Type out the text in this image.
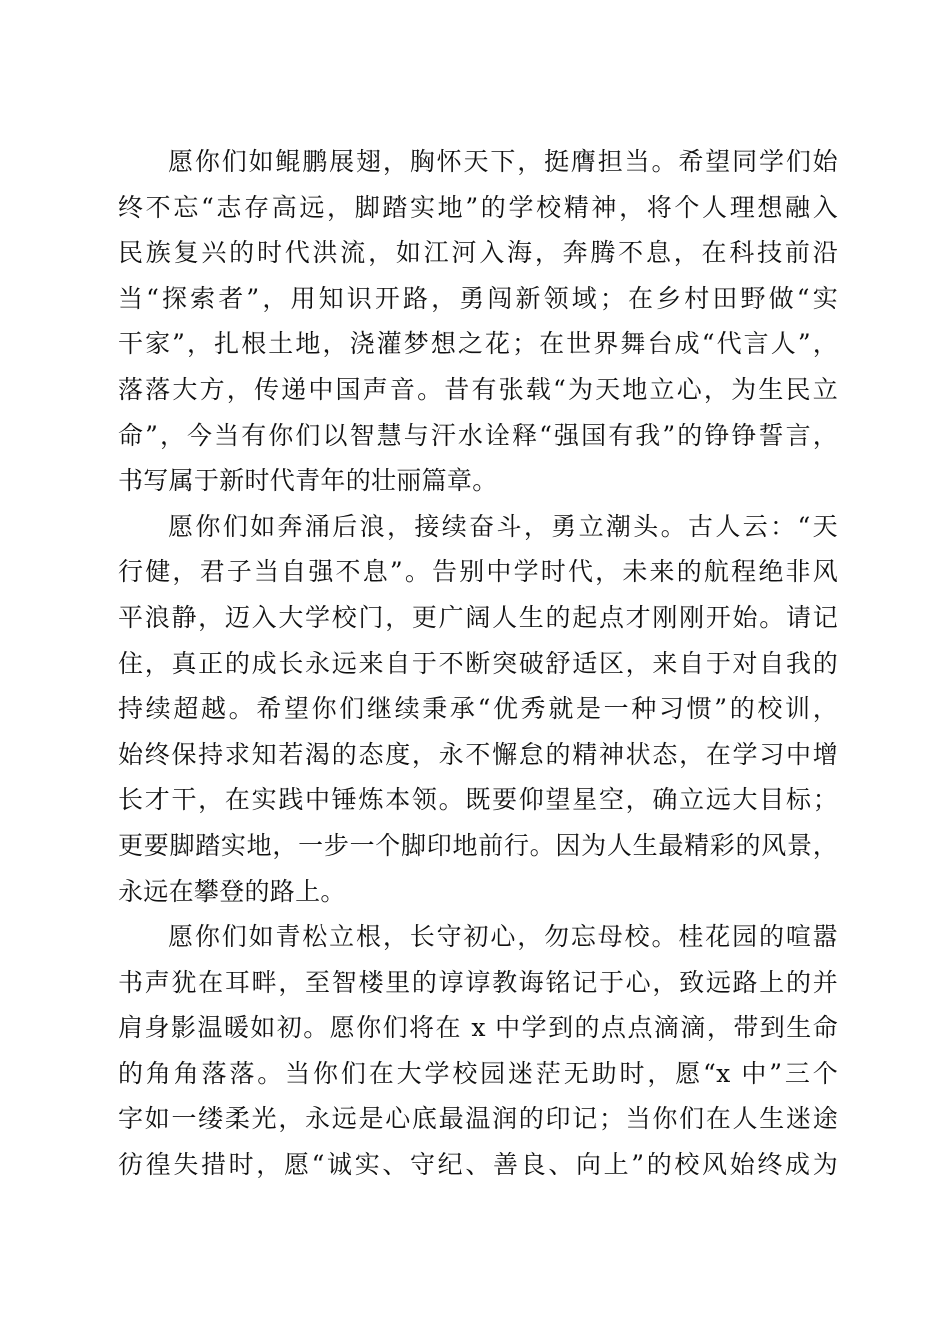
愿你们如鲲鹏展翅，胸怀天下，挺膺担当。希望同学们始
终不忘“志存高远，脚踏实地”的学校精神，将个人理想融入
民族复兴的时代洪流，如江河入海，奔腾不息，在科技前沿
当“探索者”，用知识开路，勇闯新领域；在乡村田野做“实
干家”，扎根土地，浇灌梦想之花；在世界舞台成“代言人”，
落落大方，传递中国声音。昔有张载“为天地立心，为生民立
命”，今当有你们以智慧与汗水诠释“强国有我”的铮铮誓言，
书写属于新时代青年的壮丽篇章。
愿你们如奔涌后浪，接续奋斗，勇立潮头。古人云：“天
行健，君子当自强不息”。告别中学时代，未来的航程绝非风
平浪静，迈入大学校门，更广阔人生的起点才刚刚开始。请记
住，真正的成长永远来自于不断突破舒适区，来自于对自我的
持续超越。希望你们继续秉承“优秀就是一种习惯”的校训，
始终保持求知若渴的态度，永不懈怠的精神状态，在学习中增
长才干，在实践中锤炼本领。既要仰望星空，确立远大目标；
更要脚踏实地，一步一个脚印地前行。因为人生最精彩的风景，
永远在攀登的路上。
愿你们如青松立根，长守初心，勿忘母校。桂花园的喧嚣
书声犹在耳畔，至智楼里的谆谆教诲铭记于心，致远路上的并
肩身影温暖如初。愿你们将在 x 中学到的点点滴滴，带到生命
的角角落落。当你们在大学校园迷茫无助时，愿“x 中”三个
字如一缕柔光，永远是心底最温润的印记；当你们在人生迷途
彷徨失措时，愿“诚实、守纪、善良、向上”的校风始终成为
